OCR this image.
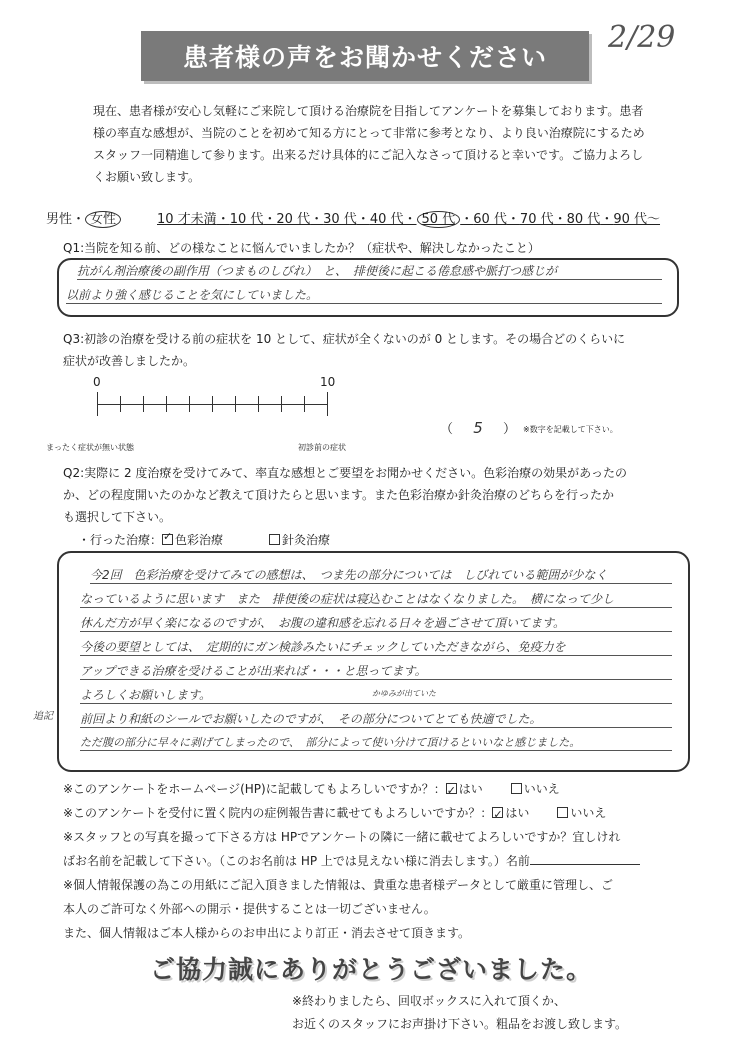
患者様の声をお聞かせください
2/29
現在、患者様が安心し気軽にご来院して頂ける治療院を目指してアンケートを募集しております。患者
様の率直な感想が、当院のことを初めて知る方にとって非常に参考となり、より良い治療院にするため
スタッフ一同精進して参ります。出来るだけ具体的にご記入なさって頂けると幸いです。ご協力よろし
くお願い致します。
男性・ 女性	10 才未満・10 代・20 代・30 代・40 代・ 50 代 ・60 代・70 代・80 代・90 代〜
Q1:当院を知る前、どの様なことに悩んでいましたか？（症状や、解決しなかったこと）
抗がん剤治療後の副作用（つまものしびれ）　と、　排便後に起こる倦怠感や脈打つ感じが
以前より強く感じることを気にしていました。
Q3:初診の治療を受ける前の症状を 10 として、症状が全くないのが 0 とします。その場合どのくらいに
症状が改善しましたか。
0	10
まったく症状が無い状態	初診前の症状
（ 5 ） ※数字を記載して下さい。
Q2:実際に 2 度治療を受けてみて、率直な感想とご要望をお聞かせください。色彩治療の効果があったの
か、どの程度開いたのかなど教えて頂けたらと思います。また色彩治療か針灸治療のどちらを行ったか
も選択して下さい。
・行った治療： ✓ 色彩治療	針灸治療
今2回　色彩治療を受けてみての感想は、　つま先の部分については　しびれている範囲が少なく
なっているように思います　また　排便後の症状は寝込むことはなくなりました。　横になって少し
休んだ方が早く楽になるのですが、　お腹の違和感を忘れる日々を過ごさせて頂いてます。
今後の要望としては、　定期的にガン検診みたいにチェックしていただきながら、免疫力を
アップできる治療を受けることが出来れば・・・と思ってます。
よろしくお願いします。	かゆみが出ていた
前回より和紙のシールでお願いしたのですが、　その部分についてとても快適でした。
ただ腹の部分に早々に剥げてしまったので、　部分によって使い分けて頂けるといいなと感じました。
追記
※このアンケートをホームページ(HP)に記載してもよろしいですか？： ✓ はい	いいえ
※このアンケートを受付に置く院内の症例報告書に載せてもよろしいですか？： ✓ はい	いいえ
※スタッフとの写真を撮って下さる方は HPでアンケートの隣に一緒に載せてよろしいですか？宜しけれ
ばお名前を記載して下さい。（このお名前は HP 上では見えない様に消去します。）名前
※個人情報保護の為この用紙にご記入頂きました情報は、貴重な患者様データとして厳重に管理し、ご
本人のご許可なく外部への開示・提供することは一切ございません。
また、個人情報はご本人様からのお申出により訂正・消去させて頂きます。
ご協力誠にありがとうございました。
※終わりましたら、回収ボックスに入れて頂くか、
お近くのスタッフにお声掛け下さい。粗品をお渡し致します。
